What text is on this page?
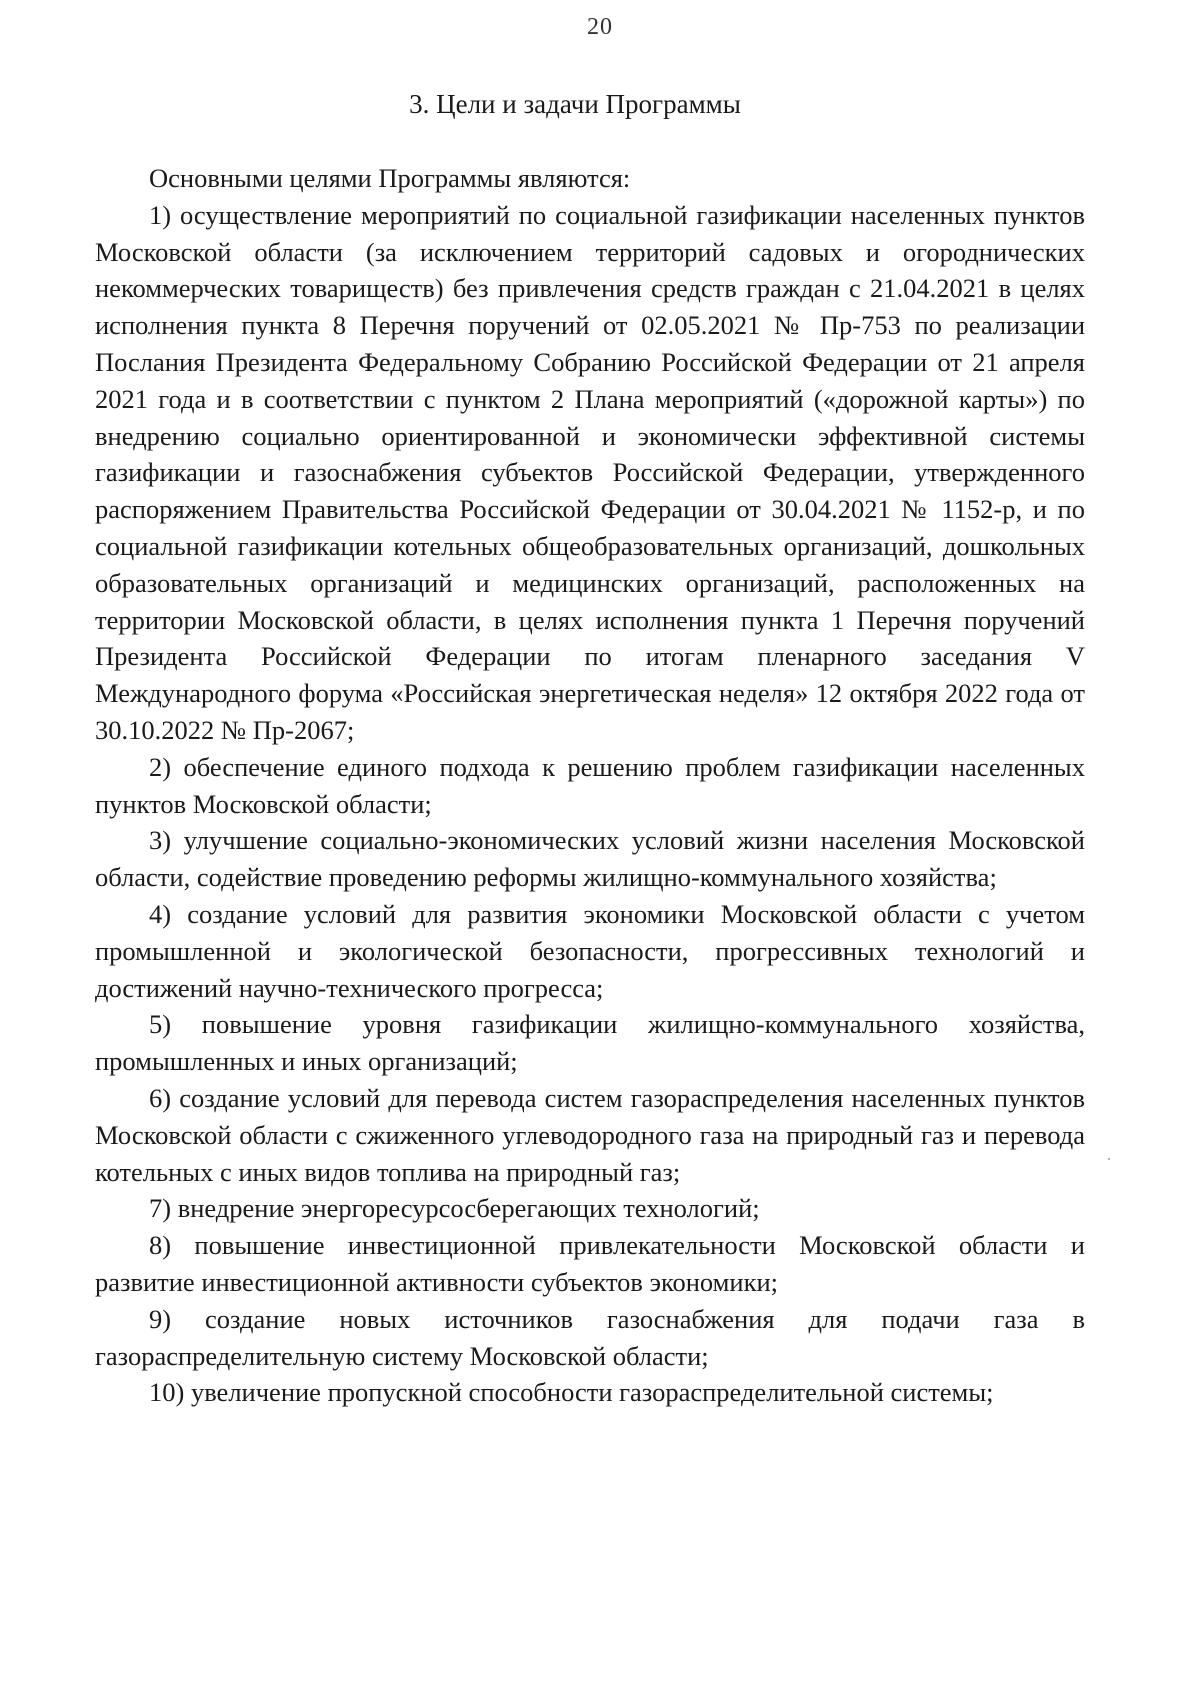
20
3. Цели и задачи Программы

Основными целями Программы являются:

1) осуществление мероприятий по социальной газификации населенных пунктов Московской области (за исключением территорий садовых и огороднических некоммерческих товариществ) без привлечения средств граждан с 21.04.2021 в целях исполнения пункта 8 Перечня поручений от 02.05.2021 № Пр-753 по реализации Послания Президента Федеральному Собранию Российской Федерации от 21 апреля 2021 года и в соответствии с пунктом 2 Плана мероприятий («дорожной карты») по внедрению социально ориентированной и экономически эффективной системы газификации и газоснабжения субъектов Российской Федерации, утвержденного распоряжением Правительства Российской Федерации от 30.04.2021 № 1152-р, и по социальной газификации котельных общеобразовательных организаций, дошкольных образовательных организаций и медицинских организаций, расположенных на территории Московской области, в целях исполнения пункта 1 Перечня поручений Президента Российской Федерации по итогам пленарного заседания V Международного форума «Российская энергетическая неделя» 12 октября 2022 года от 30.10.2022 № Пр-2067;

2) обеспечение единого подхода к решению проблем газификации населенных пунктов Московской области;

3) улучшение социально-экономических условий жизни населения Московской области, содействие проведению реформы жилищно-коммунального хозяйства;

4) создание условий для развития экономики Московской области с учетом промышленной и экологической безопасности, прогрессивных технологий и достижений научно-технического прогресса;

5) повышение уровня газификации жилищно-коммунального хозяйства, промышленных и иных организаций;

6) создание условий для перевода систем газораспределения населенных пунктов Московской области с сжиженного углеводородного газа на природный газ и перевода котельных с иных видов топлива на природный газ;

7) внедрение энергоресурсосберегающих технологий;

8) повышение инвестиционной привлекательности Московской области и развитие инвестиционной активности субъектов экономики;

9) создание новых источников газоснабжения для подачи газа в газораспределительную систему Московской области;

10) увеличение пропускной способности газораспределительной системы;
